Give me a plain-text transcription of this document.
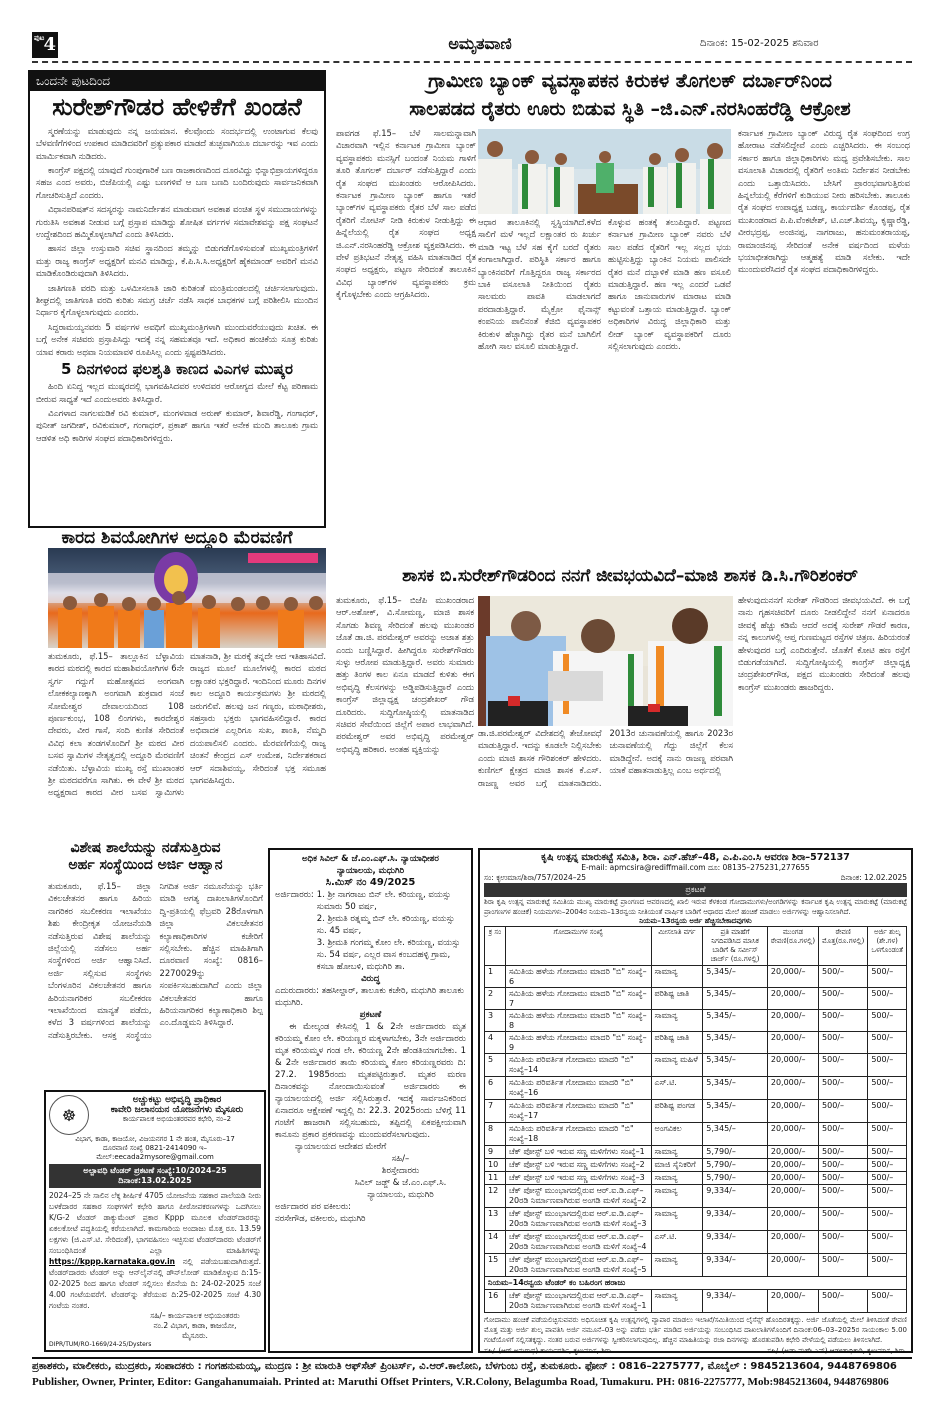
ಪುಟ 4	ಅಮೃತವಾಣಿ	ದಿನಾಂಕ: 15-02-2025 ಶನಿವಾರ
ಒಂದನೇ ಪುಟದಿಂದ
ಸುರೇಶ್‌ಗೌಡರ ಹೇಳಿಕೆಗೆ ಖಂಡನೆ

ಸ್ಮರಣೆಯನ್ನು ಮಾಡುವುದು ನನ್ನ ಜಯಮಾನ. ಕೆಲವೊಂದು ಸಂದರ್ಭದಲ್ಲಿ ಉಂಟಾಗುವ ಕೆಲವು ಬೆಳವಣಿಗೆಗಳಿಂದ ಉಪಕಾರ ಮಾಡಿದವರಿಗೆ ಪ್ರತ್ಯುಪಕಾರ ಮಾಡದೆ ತುಚ್ಛವಾಗಿಯೂ ದರ್ಬಾರನ್ನು ಇವ ಎಂದು ಮಾರ್ಮಿಕವಾಗಿ ನುಡಿದರು.

ಕಾಂಗ್ರೆಸ್ ಪಕ್ಷದಲ್ಲಿ ಯಾವುದೆ ಗುಂಪುಗಾರಿಕೆ ಬಣ ರಾಜಕಾರಣದಿಂದ ದೂರವಿದ್ದು ಭಿನ್ನಾಭಿಪ್ರಾಯಗಳಿದ್ದರೂ ಸಹಜ ಎಂದ ಅವರು, ಬಿಜೆಪಿಯಲ್ಲಿ ಎಷ್ಟು ಬಣಗಳಿವೆ ಆ ಬಣ ಬಣದಿ ಬಂದಿರುವುದು ಸಾರ್ವಜನಿಕವಾಗಿ ಗೋಚರಿಸುತ್ತಿದೆ ಎಂದರು.

ವಿಧಾನಪರಿಷತ್‌ನ ಸದಸ್ಯರನ್ನು ನಾಮನಿರ್ದೇಶನ ಮಾಡುವಾಗ ಅವಕಾಶ ವಂಚಿತ ಸ್ಥಳ ಸಮುದಾಯಗಳನ್ನು ಗುರುತಿಸಿ ಅವಕಾಶ ನೀಡುವ ಬಗ್ಗೆ ಪ್ರಸ್ತಾಪ ಮಾಡಿದ್ದು ಶೋಷಿತ ವರ್ಗಗಳ ಸಮಾವೇಶವನ್ನು ಪಕ್ಷ ಸಂಘಟನೆ ಉದ್ದೇಶದಿಂದ ಹಮ್ಮಿಕೊಳ್ಳಲಾಗಿದೆ ಎಂದು ತಿಳಿಸಿದರು.

ಹಾಸನ ಜಿಲ್ಲಾ ಉಸ್ತುವಾರಿ ಸಚಿವ ಸ್ಥಾನದಿಂದ ತಮ್ಮನ್ನು ಬಿಡುಗಡೆಗೊಳಿಸುವಂತೆ ಮುಖ್ಯಮಂತ್ರಿಗಳಿಗೆ ಮತ್ತು ರಾಜ್ಯ ಕಾಂಗ್ರೆಸ್ ಅಧ್ಯಕ್ಷರಿಗೆ ಮನವಿ ಮಾಡಿದ್ದು, ಕೆ.ಪಿ.ಸಿ.ಸಿ.ಅಧ್ಯಕ್ಷರಿಗೆ ಹೈಕಮಾಂಡ್ ಅವರಿಗೆ ಮನವಿ ಮಾಡಿಕೊಂಡಿರುವುದಾಗಿ ತಿಳಿಸಿದರು.

ಜಾತಿಗಣತಿ ವರದಿ ಮತ್ತು ಒಳಮೀಸಲಾತಿ ಜಾರಿ ಕುರಿತಂತೆ ಮಂತ್ರಿಮಂಡಲದಲ್ಲಿ ಚರ್ಚಿಸಲಾಗುವುದು. ಶೀಘ್ರದಲ್ಲಿ ಜಾತಿಗಣತಿ ವರದಿ ಕುರಿತು ಸಮಗ್ರ ಚರ್ಚೆ ನಡೆಸಿ ಸಾಧಕ ಬಾಧಕಗಳ ಬಗ್ಗೆ ಪರಿಶೀಲಿಸಿ ಮುಂದಿನ ನಿರ್ಧಾರ ಕೈಗೊಳ್ಳಲಾಗುವುದು ಎಂದರು.

ಸಿದ್ದರಾಮಯ್ಯನವರು 5 ವರ್ಷಗಳ ಅವಧಿಗೆ ಮುಖ್ಯಮಂತ್ರಿಗಳಾಗಿ ಮುಂದುವರೆಯುವುದು ಖಚಿತ. ಈ ಬಗ್ಗೆ ಅನೇಕ ಸಚಿವರು ಪ್ರಸ್ತಾಪಿಸಿದ್ದು ಇದಕ್ಕೆ ನನ್ನ ಸಹಮತವೂ ಇದೆ. ಅಧಿಕಾರ ಹಂಚಿಕೆಯ ಸೂತ್ರ ಕುರಿತು ಯಾವ ಕರಾರು ಅಥವಾ ನಿಯಮಾವಳಿ ರೂಪಿಸಿಲ್ಲ ಎಂದು ಸ್ಪಷ್ಟಪಡಿಸಿದರು.

5 ದಿನಗಳಿಂದ ಫಲಶೃತಿ ಕಾಣದ ವಿಎಗಳ ಮುಷ್ಕರ

ಹಿಂದಿ ಏನಿದ್ದ ಇಲ್ಲದ ಮುಷ್ಕರದಲ್ಲಿ ಭಾಗವಹಿಸಿದವರ ಉಳಿದವರ ಆರೋಗ್ಯದ ಮೇಲೆ ಕೆಟ್ಟ ಪರಿಣಾಮ ಬೀರುವ ಸಾಧ್ಯತೆ ಇದೆ ಎಂದುಅವರು ತಿಳಿಸಿದ್ದಾರೆ.

ವಿಎಗಳಾದ ನಾಗಲಮಡಿಕೆ ರವಿ ಕುಮಾರ್, ಮಂಗಳವಾಡ ಅರುಣ್ ಕುಮಾರ್, ಶಿವಾರೆಡ್ಡಿ, ಗಂಗಾಧರ್, ಪುನೀತ್ ಜಗದೀಶ್, ರವಿಕುಮಾರ್, ಗಂಗಾಧರ್, ಪ್ರಕಾಶ್ ಹಾಗೂ ಇತರೆ ಅನೇಕ ಮಂದಿ ತಾಲೂಕು ಗ್ರಾಮ ಆಡಳಿತ ಅಧಿ ಕಾರಿಗಳ ಸಂಘದ ಪದಾಧಿಕಾರಿಗಳಿದ್ದರು.

ಕಾರದ ಶಿವಯೋಗಿಗಳ ಅದ್ದೂರಿ ಮೆರವಣಿಗೆ
ತುಮಕೂರು, ಫೆ.15– ತಾಲ್ಲೂಕಿನ ಬೆಳ್ಳಾವಿಯ ಕಾರದ ಮಠದಲ್ಲಿ ಕಾರದ ಮಹಾಶಿವಯೋಗಿಗಳ 6ನೇ ಸ್ವರ್ಗ ಗದ್ದುಗೆ ಮಹೋತ್ಸವದ ಅಂಗವಾಗಿ ಲೋಕಕಲ್ಯಾಣಕ್ಕಾಗಿ ಅಂಗವಾಗಿ ಶುಕ್ರವಾರ ಸಂಜೆ ಸೋಮೇಶ್ವರ ದೇವಾಲಯದಿಂದ 108 ಪೂರ್ಣಕುಂಭ, 108 ಲಿಂಗಗಳು, ಕಾರದೇಶ್ವರ ದೇವರು, ವೀರ ಗಾಸೆ, ಸಂದಿ ಕುಣಿತ ಸೇರಿದಂತೆ ವಿವಿಧ ಕಲಾ ತಂಡಗಳೊಂದಿಗೆ ಶ್ರೀ ಮಠದ ವೀರ ಬಸವ ಸ್ವಾಮಿಗಳ ನೇತೃತ್ವದಲ್ಲಿ ಅದ್ದೂರಿ ಮೆರವಣಿಗೆ ನಡೆಯಿತು. ಬೆಳ್ಳಾವಿಯ ಮುಖ್ಯ ರಸ್ತೆ ಮುಖಾಂತರ ಶ್ರೀ ಮಠದವರೆಗೂ ಸಾಗಿತು. ಈ ವೇಳೆ ಶ್ರೀ ಮಠದ ಅಧ್ಯಕ್ಷರಾದ ಕಾರದ ವೀರ ಬಸವ ಸ್ವಾಮಿಗಳು ಮಾತನಾಡಿ, ಶ್ರೀ ಮಠಕ್ಕೆ ತನ್ನದೇ ಆದ ಇತಿಹಾಸವಿದೆ. ರಾಜ್ಯದ ಮೂಲೆ ಮೂಲೆಗಳಲ್ಲಿ ಕಾರದ ಮಠದ ಲಕ್ಷಾಂತರ ಭಕ್ತರಿದ್ದಾರೆ. ಇಂದಿನಿಂದ ಮೂರು ದಿನಗಳ ಕಾಲ ಅದ್ದೂರಿ ಕಾರ್ಯಕ್ರಮಗಳು ಶ್ರೀ ಮಠದಲ್ಲಿ ಜರುಗಲಿವೆ. ಹಲವು ಜನ ಗಣ್ಯರು, ಮಠಾಧೀಶರು, ಸಹಸ್ರಾರು ಭಕ್ತರು ಭಾಗವಹಿಸಲಿದ್ದಾರೆ. ಕಾರದ ಅಭಿವಾದಕ ಎಲ್ಲರಿಗೂ ಸುಖ, ಶಾಂತಿ, ನೆಮ್ಮದಿ ದಯಪಾಲಿಸಲಿ ಎಂದರು. ಮೆರವಣಿಗೆಯಲ್ಲಿ ರಾಜ್ಯ ಚಿಂತನೆ ಕೇಂದ್ರದ ಎಸ್ ಉಮೇಶ, ನಿರ್ದೇಶಕರಾದ ಆರ್ ಸದಾಶಿವಯ್ಯ, ಸೇರಿದಂತೆ ಭಕ್ತ ಸಮೂಹ ಭಾಗವಹಿಸಿದ್ದರು.
ವಿಶೇಷ ಶಾಲೆಯನ್ನು ನಡೆಸುತ್ತಿರುವ
ಅರ್ಹ ಸಂಸ್ಥೆಯಿಂದ ಅರ್ಜಿ ಆಹ್ವಾನ
ತುಮಕೂರು, ಫೆ.15– ಜಿಲ್ಲಾ ವಿಕಲಚೇತನರ ಹಾಗೂ ಹಿರಿಯ ನಾಗರಿಕರ ಸಬಲೀಕರಣ ಇಲಾಖೆಯು ಶಿಶು ಕೇಂದ್ರೀಕೃತ ಯೋಜನೆಯಡಿ ನಡೆಸುತ್ತಿರುವ ವಿಶೇಷ ಶಾಲೆಯನ್ನು ಜಿಲ್ಲೆಯಲ್ಲಿ ನಡೆಸಲು ಅರ್ಹ ಸಂಸ್ಥೆಗಳಿಂದ ಅರ್ಜಿ ಆಹ್ವಾನಿಸಿದೆ. ಅರ್ಜಿ ಸಲ್ಲಿಸುವ ಸಂಸ್ಥೆಗಳು ಬೆಂಗಳೂರಿನ ವಿಕಲಚೇತನರ ಹಾಗೂ ಹಿರಿಯನಾಗರಿಕರ ಸಬಲೀಕರಣ ಇಲಾಖೆಯಿಂದ ಮಾನ್ಯತೆ ಪಡೆದು, ಕಳೆದ 3 ವರ್ಷಗಳಿಂದ ಶಾಲೆಯನ್ನು ನಡೆಸುತ್ತಿರಬೇಕು. ಆಸಕ್ತ ಸಂಸ್ಥೆಯು ನಿಗದಿತ ಅರ್ಜಿ ನಮೂನೆಯನ್ನು ಭರ್ತಿ ಮಾಡಿ ಅಗತ್ಯ ದಾಖಲಾತಿಗಳೊಂದಿಗೆ ದ್ವಿ-ಪ್ರತಿಯಲ್ಲಿ ಫೆಬ್ರವರಿ 28ರೊಳಗಾಗಿ ಜಿಲ್ಲಾ ವಿಕಲಚೇತನರ ಕಲ್ಯಾಣಾಧಿಕಾರಿಗಳ ಕಚೇರಿಗೆ ಸಲ್ಲಿಸಬೇಕು. ಹೆಚ್ಚಿನ ಮಾಹಿತಿಗಾಗಿ ದೂರವಾಣಿ ಸಂಖ್ಯೆ: 0816–2270029ನ್ನು ಸಂಪರ್ಕಿಸಬಹುದಾಗಿದೆ ಎಂದು ಜಿಲ್ಲಾ ವಿಕಲಚೇತನರ ಹಾಗೂ ಹಿರಿಯನಾಗರಿಕರ ಕಲ್ಯಾಣಾಧಿಕಾರಿ ಶಿಲ್ಪ ಎಂ.ದೊಡ್ಡಮನಿ ತಿಳಿಸಿದ್ದಾರೆ.
☸
ಅಚ್ಚುಕಟ್ಟು ಅಭಿವೃದ್ಧಿ ಪ್ರಾಧಿಕಾರ
ಕಾವೇರಿ ಜಲಾನಯನ ಯೋಜನೆಗಳು ಮೈಸೂರು
ಕಾರ್ಯಪಾಲಕ ಅಭಿಯಂತರರವರ ಕಛೇರಿ, ನಂ–2
ವಿಭಾಗ, ಕಾಡಾ, ಕಾಜಯೋ, ವಿಜಯನಗರ 1 ನೇ ಹಂತ, ಮೈಸೂರು–17
ದೂರವಾಣಿ ಸಂಖ್ಯೆ 0821-2414090 ಇ–ಮೇಲ್:eecada2mysore@gmail.com
ಅಲ್ಪಾವಧಿ ಟೆಂಡರ್ ಪ್ರಕಟಣೆ ಸಂಖ್ಯೆ:10/2024–25 ದಿನಾಂಕ:13.02.2025
2024–25 ನೇ ಸಾಲಿನ ಲೆಕ್ಕ ಶೀರ್ಷಿಕೆ 4705 ಯೋಜನೆಯ ಸಹಕಾರ ಪಾಲೆಯಡಿ ನೀರು ಬಳಕೆದಾರರ ಸಹಕಾರ ಸಂಘಗಳಿಗೆ ಕಛೇರಿ ಹಾಗೂ ಪೀಠೋಪಕರಣಗಳನ್ನು ಒದಗಿಸಲು K/G-2 ಟೆಂಡರ್ ಡಾಕ್ಯುಮೆಂಟ್ ಪ್ರಕಾರ Kppp ಮೂಲಕ ಟೆಂಡರ್‌ದಾರರನ್ನು ಏಕಲಕೋಟೆ ಪದ್ಧತಿಯಲ್ಲಿ ಕರೆಯಲಾಗಿದೆ. ಕಾಮಗಾರಿಯ ಅಂದಾಜು ಮೊತ್ತ ರೂ. 13.59 ಲಕ್ಷಗಳು (ಜಿ.ಎಸ್.ಟಿ. ಸೇರಿದಂತೆ), ಭಾಗವಹಿಸಲು ಇಚ್ಛಿಸುವ ಟೆಂಡರ್‌ದಾರರು ಟೆಂಡರ್‌ಗೆ ಸಂಬಂಧಿಸಿದಂತೆ ಎಲ್ಲಾ ಮಾಹಿತಿಗಳನ್ನು https://kppp.karnataka.gov.in ನಲ್ಲಿ ಪಡೆಯಬಹುದಾಗಿರುತ್ತದೆ. ಟೆಂಡರ್‌ದಾರರು ಟೆಂಡರ್ ಅನ್ನು ಆನ್‌ಲೈನ್‌ನಲ್ಲಿ ಡೌನ್‌ಲೋಡ್ ಮಾಡಿಕೊಳ್ಳುವ ದಿ:15-02-2025 ರಿಂದ ಹಾಗೂ ಟೆಂಡರ್ ಸಲ್ಲಿಸಲು ಕೊನೆಯ ದಿ: 24-02-2025 ಸಂಜೆ 4.00 ಗಂಟೆಯವರೆಗೆ. ಟೆಂಡರ್‌ನ್ನು ತೆರೆಯುವ ದಿ:25-02-2025 ಸಂಜೆ 4.30 ಗಂಟೆಯ ನಂತರ.
ಸಹಿ/– ಕಾರ್ಯಪಾಲಕ ಅಭಿಯಂತರರು
ನಂ.2 ವಿಭಾಗ, ಕಾಡಾ, ಕಾಜಯೋ,
ಮೈಸೂರು.
DIPR/TUM/RO-1669/24-25/Dysters
ಅಧಿಕ ಸಿವಿಲ್ & ಜೆ.ಎಂ.ಎಫ್.ಸಿ. ನ್ಯಾಯಾಧೀಶರ
ನ್ಯಾಯಾಲಯ, ಮಧುಗಿರಿ
ಸಿ.ಮಿಸ್ ನಂ 49/2025
ಅರ್ಜಿದಾರರು: 1. ಶ್ರೀ ನಾಗರಾಜು ಬಿನ್ ಲೇ. ಕರಿಯಣ್ಣ, ವಯಸ್ಸು ಸುಮಾರು 50 ವರ್ಷ,
2. ಶ್ರೀಮತಿ ರತ್ನಮ್ಮ ಬಿನ್ ಲೇ. ಕರಿಯಣ್ಣ, ವಯಸ್ಸು ಸು. 45 ವರ್ಷ,
3. ಶ್ರೀಮತಿ ಗಂಗಮ್ಮ ಕೋಂ ಲೇ. ಕರಿಯಣ್ಣ, ವಯಸ್ಸು ಸು. 54 ವರ್ಷ, ಎಲ್ಲರ ವಾಸ ಕಂಬದಹಳ್ಳಿ ಗ್ರಾಮ, ಕಸಬಾ ಹೋಬಳಿ, ಮಧುಗಿರಿ ತಾ.
ವಿರುದ್ಧ
ಎದುರುದಾರರು: ತಹಸೀಲ್ದಾರ್, ತಾಲೂಕು ಕಚೇರಿ, ಮಧುಗಿರಿ ತಾಲೂಕು ಮಧುಗಿರಿ.
ಪ್ರಕಟಣೆ
ಈ ಮೇಲ್ಕಂಡ ಕೇಸಿನಲ್ಲಿ 1 & 2ನೇ ಅರ್ಜಿದಾರರು ಮೃತ ಕರಿಯಮ್ಮ ಕೋಂ ಲೇ. ಕರಿಯಣ್ಣರ ಮಕ್ಕಳಾಗಬೇಕು, 3ನೇ ಅರ್ಜಿದಾರರು ಮೃತ ಕರಿಯಮ್ಮಳ ಗಂಡ ಲೇ. ಕರಿಯಣ್ಣ 2ನೇ ಹೆಂಡತಿಯಾಗಬೇಕು. 1 & 2ನೇ ಅರ್ಜಿದಾರರ ತಾಯಿ ಕರಿಯಮ್ಮ ಕೋಂ ಕರಿಯಣ್ಣರವರು ದಿ: 27.2. 1985ರಂದು ಮೃತಪಟ್ಟಿರುತ್ತಾರೆ. ಮೃತರ ಮರಣ ದಿನಾಂಕವನ್ನು ನೋಂದಾಯಿಸುವಂತೆ ಅರ್ಜಿದಾರರು ಈ ನ್ಯಾಯಾಲಯದಲ್ಲಿ ಅರ್ಜಿ ಸಲ್ಲಿಸಿರುತ್ತಾರೆ. ಇದಕ್ಕೆ ಸಾರ್ವಜನಿಕರಿಂದ ಏನಾದರೂ ಆಕ್ಷೇಪಣೆ ಇದ್ದಲ್ಲಿ ದಿ: 22.3. 2025ರಂದು ಬೆಳಿಗ್ಗೆ 11 ಗಂಟೆಗೆ ಹಾಜರಾಗಿ ಸಲ್ಲಿಸಬಹುದು, ತಪ್ಪಿದಲ್ಲಿ ಏಕಪಕ್ಷೀಯವಾಗಿ ಕಾನೂನು ಪ್ರಕಾರ ಪ್ರಕರಣವನ್ನು ಮುಂದುವರೆಸಲಾಗುವುದು.
ನ್ಯಾಯಾಲಯದ ಆದೇಶದ ಮೇರೆಗೆ
ಸಹಿ/–
ಶಿರಸ್ತೇದಾರರು
ಸಿವಿಲ್ ಜಡ್ಜ್ & ಜೆ.ಎಂ.ಎಫ್.ಸಿ.
ನ್ಯಾಯಾಲಯ, ಮಧುಗಿರಿ
ಅರ್ಜಿದಾರರ ಪರ ವಕೀಲರು:
ನರಸೇಗೌಡ, ವಕೀಲರು, ಮಧುಗಿರಿ
ಗ್ರಾಮೀಣ ಬ್ಯಾಂಕ್ ವ್ಯವಸ್ಥಾಪಕನ ಕಿರುಕಳ ತೊಗಲಕ್ ದರ್ಬಾರ್‌ನಿಂದ
ಸಾಲಪಡದ ರೈತರು ಊರು ಬಿಡುವ ಸ್ಥಿತಿ –ಜಿ.ಎನ್.ನರಸಿಂಹರೆಡ್ಡಿ ಆಕ್ರೋಶ
ಪಾವಗಡ ಫೆ.15– ಬೆಳೆ ಸಾಲಮನ್ನಾವಾಗಿ ವಿಚಾರವಾಗಿ ಇಲ್ಲಿನ ಕರ್ನಾಟಕ ಗ್ರಾಮೀಣ ಬ್ಯಾಂಕ್ ವ್ಯವಸ್ಥಾಪಕರು ಮನಸ್ಸಿಗೆ ಬಂದಂತೆ ನಿಯಮ ಗಾಳಿಗೆ ತೂರಿ ತೊಗಲಕ್ ದರ್ಬಾರ್ ನಡೆಸುತ್ತಿದ್ದಾರೆ ಎಂದು ರೈತ ಸಂಘದ ಮುಖಂಡರು ಆರೋಪಿಸಿದರು. ಕರ್ನಾಟಕ ಗ್ರಾಮೀಣ ಬ್ಯಾಂಕ್ ಹಾಗೂ ಇತರೆ ಬ್ಯಾಂಕ್‌ಗಳ ವ್ಯವಸ್ಥಾಪಕರು ರೈತರ ಬೆಳೆ ಸಾಲ ಪಡೆದ ರೈತರಿಗೆ ನೋಟಿಸ್ ನೀಡಿ ಕಿರುಕುಳ ನೀಡುತ್ತಿದ್ದು ಈ ಹಿನ್ನೆಲೆಯಲ್ಲಿ ರೈತ ಸಂಘದ ಅಧ್ಯಕ್ಷ ಜಿ.ಎನ್.ನರಸಿಂಹರೆಡ್ಡಿ ಆಕ್ರೋಶ ವ್ಯಕ್ತಪಡಿಸಿದರು. ಈ ವೇಳೆ ಪ್ರತಿಭಟನೆ ನೇತೃತ್ವ ವಹಿಸಿ ಮಾತನಾಡಿದ ರೈತ ಸಂಘದ ಅಧ್ಯಕ್ಷರು, ಪಟ್ಟಣ ಸೇರಿದಂತೆ ತಾಲೂಕಿನ ವಿವಿಧ ಬ್ಯಾಂಕ್‌ಗಳ ವ್ಯವಸ್ಥಾಪಕರು ಕ್ರಮ ಕೈಗೊಳ್ಳಬೇಕು ಎಂದು ಆಗ್ರಹಿಸಿದರು.
ಆಧಾರ ತಾಲೂಕಿನಲ್ಲಿ ಸ್ವಸ್ಥಿಯಾಗಿದೆ.ಕಳೆದ ಸಾಲಿಗೆ ಮಳೆ ಇಲ್ಲದೆ ಲಕ್ಷಾಂತರ ರು ಖರ್ಚು ಮಾಡಿ ಇಟ್ಟ ಬೆಳೆ ಸಹ ಕೈಗೆ ಬರದೆ ರೈತರು ಕಂಗಾಲಾಗಿದ್ದಾರೆ. ಪರಿಸ್ಥಿತಿ ಸರ್ಕಾರ ಹಾಗೂ ಬ್ಯಾಂಕಿನವರಿಗೆ ಗೊತ್ತಿದ್ದರೂ ರಾಜ್ಯ ಸರ್ಕಾರದ ಬಾಕಿ ವಸೂಲಾತಿ ನೀತಿಯಿಂದ ರೈತರು ಸಾಲಮರು ಪಾವತಿ ಮಾಡಲಾಗದೆ ಪರದಾಡುತ್ತಿದ್ದಾರೆ. ಮೈಕ್ರೋ ಫೈನಾನ್ಸ್ ಕಂಪನಿಯ ಪಾಲಿನಂತೆ ಕೆಜಿಬಿ ವ್ಯವಸ್ಥಾಪಕರ ಕಿರುಕುಳ ಹೆಚ್ಚಾಗಿದ್ದು ರೈತರ ಮನೆ ಬಾಗಿಲಿಗೆ ಹೋಗಿ ಸಾಲ ವಸೂಲಿ ಮಾಡುತ್ತಿದ್ದಾರೆ.
ಕೊಳ್ಳುವ ಹಂತಕ್ಕೆ ತಲುಪಿದ್ದಾರೆ. ಪಟ್ಟಣದ ಕರ್ನಾಟಕ ಗ್ರಾಮೀಣ ಬ್ಯಾಂಕ್ ನವರು ಬೆಳೆ ಸಾಲ ಪಡೆದ ರೈತರಿಗೆ ಇಲ್ಲ ಸಲ್ಲದ ಭಯ ಹುಟ್ಟಿಸುತ್ತಿದ್ದು ಬ್ಯಾಂಕಿನ ನಿಯಮ ಪಾಲಿಸದೇ ರೈತರ ಮನೆ ದಬ್ಬಾಳಿಕೆ ಮಾಡಿ ಹಣ ವಸೂಲಿ ಮಾಡುತ್ತಿದ್ದಾರೆ. ಹಣ ಇಲ್ಲ ಎಂದರೆ ಒಡವೆ ಹಾಗೂ ಜಾನುವಾರುಗಳ ಮಾರಾಟ ಮಾಡಿ ಕಟ್ಟುವಂತೆ ಒತ್ತಾಯ ಮಾಡುತ್ತಿದ್ದಾರೆ. ಬ್ಯಾಂಕ್ ಅಧಿಕಾರಿಗಳ ವಿರುದ್ಧ ಜಿಲ್ಲಾಧಿಕಾರಿ ಮತ್ತು ಲೀಡ್ ಬ್ಯಾಂಕ್ ವ್ಯವಸ್ಥಾಪಕರಿಗೆ ದೂರು ಸಲ್ಲಿಸಲಾಗುವುದು ಎಂದರು.
ಕರ್ನಾಟಕ ಗ್ರಾಮೀಣ ಬ್ಯಾಂಕ್ ವಿರುದ್ಧ ರೈತ ಸಂಘದಿಂದ ಉಗ್ರ ಹೋರಾಟ ನಡೆಸಲಿದ್ದೇವೆ ಎಂದು ಎಚ್ಚರಿಸಿದರು. ಈ ಸಂಬಂಧ ಸರ್ಕಾರ ಹಾಗೂ ಜಿಲ್ಲಾಧಿಕಾರಿಗಳು ಮಧ್ಯ ಪ್ರವೇಶಿಸಬೇಕು. ಸಾಲ ವಸೂಲಾತಿ ವಿಚಾರದಲ್ಲಿ ರೈತರಿಗೆ ಅಂತಿಮ ನಿರ್ದೇಶನ ನೀಡಬೇಕು ಎಂದು ಒತ್ತಾಯಿಸಿದರು. ಬೇಸಿಗೆ ಪ್ರಾರಂಭವಾಗುತ್ತಿರುವ ಹಿನ್ನಲೆಯಲ್ಲಿ ಕೆರೆಗಳಿಗೆ ಕುಡಿಯುವ ನೀರು ಹರಿಸಬೇಕು. ತಾಲೂಕು ರೈತ ಸಂಘದ ಉಪಾಧ್ಯಕ್ಷ ಬಡಣ್ಣ, ಕಾರ್ಯದರ್ಶಿ ಕೊಂಡಪ್ಪ, ರೈತ ಮುಖಂಡರಾದ ಪಿ.ಪಿ.ವೆಂಕಟೇಶ್, ಟಿ.ಎಚ್.ಶಿವಯ್ಯ, ಕೃಷ್ಣಾರೆಡ್ಡಿ, ವೀರಭದ್ರಪ್ಪ, ಅಂಜಿನಪ್ಪ, ನಾಗರಾಜು, ಹನುಮಂತರಾಯಪ್ಪ, ರಾಮಾಂಜಿನಪ್ಪ ಸೇರಿದಂತೆ ಅನೇಕ ವರ್ಷದಿಂದ ಮಳೆಯ ಭಯಾಭೀತರಾಗಿದ್ದು ಆತ್ಮಹತ್ಯೆ ಮಾಡಿ ಸಲೇಕು. ಇದೇ ಮುಂದುವರೆಸಿದರೆ ರೈತ ಸಂಘದ ಪದಾಧಿಕಾರಿಗಳಿದ್ದರು.
ಶಾಸಕ ಬಿ.ಸುರೇಶ್‌ಗೌಡರಿಂದ ನನಗೆ ಜೀವಭಯವಿದೆ–ಮಾಜಿ ಶಾಸಕ ಡಿ.ಸಿ.ಗೌರಿಶಂಕರ್
ತುಮಕೂರು, ಫೆ.15– ಬಿಜೆಪಿ ಮುಖಂಡರಾದ ಆರ್.ಅಶೋಕ್, ವಿ.ಸೋಮಣ್ಣ, ಮಾಜಿ ಶಾಸಕ ಸೊಗಡು ಶಿವಣ್ಣ ಸೇರಿದಂತೆ ಹಲವು ಮುಖಂಡರ ಜೊತೆ ಡಾ.ಜಿ. ಪರಮೇಶ್ವರ್ ಅವರನ್ನು ಅಜಾತ ಶತ್ರು ಎಂದು ಬಣ್ಣಿಸಿದ್ದಾರೆ. ಹೀಗಿದ್ದರೂ ಸುರೇಶ್‌ಗೌಡರು ಸುಳ್ಳು ಆರೋಪ ಮಾಡುತ್ತಿದ್ದಾರೆ. ಅವರು ಸುಮಾರು ಹತ್ತು ತಿಂಗಳ ಕಾಲ ಏನೂ ಮಾಡದೆ ಕುಳಿತು ಈಗ ಅಭಿವೃದ್ಧಿ ಕೆಲಸಗಳನ್ನು ಅಡ್ಡಿಪಡಿಸುತ್ತಿದ್ದಾರೆ ಎಂದು ಕಾಂಗ್ರೆಸ್ ಜಿಲ್ಲಾಧ್ಯಕ್ಷ ಚಂದ್ರಶೇಖರ್ ಗೌಡ ದೂರಿದರು. ಸುದ್ದಿಗೋಷ್ಠಿಯಲ್ಲಿ ಮಾತನಾಡಿದ ಸಚಿವರ ಸೇವೆಯಿಂದ ಜಿಲ್ಲೆಗೆ ಅಪಾರ ಲಾಭವಾಗಿದೆ. ಪರಮೇಶ್ವರ್ ಅವರ ಅಭಿವೃದ್ಧಿ ಪರಮೇಶ್ವರ್ ಅಭಿವೃದ್ಧಿ ಹರಿಕಾರ. ಅಂತಹ ವ್ಯಕ್ತಿಯನ್ನು
ಡಾ.ಜಿ.ಪರಮೇಶ್ವರ್ ವಿದೇಶದಲ್ಲಿ ತೇಜೋವಧೆ ಮಾಡುತ್ತಿದ್ದಾರೆ. ಇದನ್ನು ಕೂಡಲೇ ನಿಲ್ಲಿಸಬೇಕು ಎಂದು ಮಾಜಿ ಶಾಸಕ ಗೌರಿಶಂಕರ್ ಹೇಳಿದರು. ಕುಣಿಗಲ್ ಕ್ಷೇತ್ರದ ಮಾಜಿ ಶಾಸಕ ಕೆ.ಎಸ್. ರಾಜಣ್ಣ ಅವರ ಬಗ್ಗೆ ಮಾತನಾಡಿದರು. 2013ರ ಚುನಾವಣೆಯಲ್ಲಿ ಹಾಗೂ 2023ರ ಚುನಾವಣೆಯಲ್ಲಿ ಗೆದ್ದು ಜಿಲ್ಲೆಗೆ ಕೆಲಸ ಮಾಡಿದ್ದೇನೆ. ಅದಕ್ಕೆ ನಾನು ರಾಜಣ್ಣ ಪರವಾಗಿ ಯಾಕೆ ವಹಾತನಾಡುತ್ತಿಲ್ಲ ಎಂಬ ಅರ್ಥದಲ್ಲಿ
ಹೇಳುವುದುನನಗೆ ಸುರೇಶ್ ಗೌಡರಿಂದ ಜೀವಭಯವಿದೆ. ಈ ಬಗ್ಗೆ ನಾನು ಗೃಹಸಚಿವರಿಗೆ ದೂರು ನೀಡಲಿದ್ದೇನೆ ನನಗೆ ಏನಾದರೂ ಜೀವಕ್ಕೆ ಹೆಚ್ಚು ಕಡಿಮೆ ಆದರೆ ಅದಕ್ಕೆ ಸುರೇಶ್ ಗೌಡರೆ ಕಾರಣ, ನನ್ನ ಕಾಲುಗಳಲ್ಲಿ ಆಪ್ತ ಗುಣಮಟ್ಟದ ರಸ್ತೆಗಳ ಚಿತ್ರಣ. ಹಿರಿಯರಂತೆ ಹೇಳುವುದರ ಬಗ್ಗೆ ಎಂದಿರುತ್ತೇನೆ. ಜೊತೆಗೆ ಕೋಟಿ ಹಣ ರಸ್ತೆಗೆ ಬಿಡುಗಡೆಯಾಗಿದೆ. ಸುದ್ದಿಗೋಷ್ಠಿಯಲ್ಲಿ ಕಾಂಗ್ರೆಸ್ ಜಿಲ್ಲಾಧ್ಯಕ್ಷ ಚಂದ್ರಶೇಖರ್‌ಗೌಡ, ಪಕ್ಷದ ಮುಖಂಡರು ಸೇರಿದಂತೆ ಹಲವು ಕಾಂಗ್ರೆಸ್ ಮುಖಂಡರು ಹಾಜರಿದ್ದರು.
ಕೃಷಿ ಉತ್ಪನ್ನ ಮಾರುಕಟ್ಟೆ ಸಮಿತಿ, ಶಿರಾ. ಎನ್.ಹೆಚ್–48, ಎ.ಪಿ.ಎಂ.ಸಿ ಆವರಣ ಶಿರಾ–572137
E-mail: apmcsira@rediffmail.com ದೂ: 08135–275231,277655
ಸಂ: ಕೃಉಮಾಸ/ಶಿರಾ/757/2024–25	ದಿನಾಂಕ: 12.02.2025
ಪ್ರಕಟಣೆ
ಶಿರಾ ಕೃಷಿ ಉತ್ಪನ್ನ ಮಾರುಕಟ್ಟೆ ಸಮಿತಿಯ ಮುಖ್ಯ ಮಾರುಕಟ್ಟೆ ಪ್ರಾಂಗಣದ ಆವರಣದಲ್ಲಿ ಖಾಲಿ ಇರುವ ಕೆಳಕಂಡ ಗೋದಾಮುಗಳು/ಅಂಗಡಿಗಳನ್ನು ಕರ್ನಾಟಕ ಕೃಷಿ ಉತ್ಪನ್ನ ಮಾರುಕಟ್ಟೆ (ಮಾರುಕಟ್ಟೆ ಪ್ರಾಂಗಣಗಳ ಹಂಚಿಕೆ) ನಿಯಮಗಳು–2004ರ ನಿಯಮ–13ರನ್ವಯ ನೀತಿಯಂತೆ ವಾರ್ಷಿಕ ಬಾಡಿಗೆ ಆಧಾರದ ಮೇಲೆ ಹಂಚಿಕೆ ಮಾಡಲು ಅರ್ಜಿಗಳನ್ನು ಆಹ್ವಾನಿಸಲಾಗಿದೆ.
ನಿಯಮ–13ರನ್ವಯ ಅರ್ಜಿ ಹೆಚ್ಚಿಸಬೇಕಾದವುಗಳು
ಕ್ರ ಸಂ	ಗೋದಾಮುಗಳ ಸಂಖ್ಯೆ	ಮೀಸಲಾತಿ ವರ್ಗ	ಪ್ರತಿ ಮಾಹೆಗೆ ನಿಗದಿಪಡಿಸಿದ ಮಾಸಿಕ ಬಾಡಿಗೆ & ಸರ್ವೀಸ್ ಚಾರ್ಜ್ (ರೂ.ಗಳಲ್ಲಿ)	ಮುಂಗಡ ಠೇವಣಿ(ರೂ.ಗಳಲ್ಲಿ)	ಠೇವಣಿ ಮೊತ್ತ(ರೂ.ಗಳಲ್ಲಿ)	ಅರ್ಜಿ ಶುಲ್ಕ (ಶೇ.ಗಳ) ಒಳಗೊಂಡಂತೆ
1	ಸಮಿತಿಯ ಹಳೆಯ ಗೋದಾಮು ಮಾದರಿ "ಬಿ" ಸಂಖ್ಯೆ–6	ಸಾಮಾನ್ಯ	5,345/–	20,000/–	500/–	500/–
2	ಸಮಿತಿಯ ಹಳೆಯ ಗೋದಾಮು ಮಾದರಿ "ಬಿ" ಸಂಖ್ಯೆ–7	ಪರಿಶಿಷ್ಟ ಜಾತಿ	5,345/–	20,000/–	500/–	500/–
3	ಸಮಿತಿಯ ಹಳೆಯ ಗೋದಾಮು ಮಾದರಿ "ಬಿ" ಸಂಖ್ಯೆ–8	ಸಾಮಾನ್ಯ	5,345/–	20,000/–	500/–	500/–
4	ಸಮಿತಿಯ ಹಳೆಯ ಗೋದಾಮು ಮಾದರಿ "ಬಿ" ಸಂಖ್ಯೆ–9	ಪರಿಶಿಷ್ಟ ಜಾತಿ	5,345/–	20,000/–	500/–	500/–
5	ಸಮಿತಿಯ ಪರಿವರ್ತಿತ ಗೋದಾಮು ಮಾದರಿ "ಬಿ" ಸಂಖ್ಯೆ–14	ಸಾಮಾನ್ಯ ಮಹಿಳೆ	5,345/–	20,000/–	500/–	500/–
6	ಸಮಿತಿಯ ಪರಿವರ್ತಿತ ಗೋದಾಮು ಮಾದರಿ "ಬಿ" ಸಂಖ್ಯೆ–16	ಎಸ್.ಟಿ.	5,345/–	20,000/–	500/–	500/–
7	ಸಮಿತಿಯ ಪರಿವರ್ತಿತ ಗೋದಾಮು ಮಾದರಿ "ಬಿ" ಸಂಖ್ಯೆ–17	ಪರಿಶಿಷ್ಟ ಪಂಗಡ	5,345/–	20,000/–	500/–	500/–
8	ಸಮಿತಿಯ ಪರಿವರ್ತಿತ ಗೋದಾಮು ಮಾದರಿ "ಬಿ" ಸಂಖ್ಯೆ–18	ಅಂಗವಿಕಲ	5,345/–	20,000/–	500/–	500/–
9	ಚೆಕ್ ಪೋಸ್ಟ್ ಬಳಿ ಇರುವ ಸಣ್ಣ ಮಳಿಗೆಗಳು ಸಂಖ್ಯೆ–1	ಸಾಮಾನ್ಯ	5,790/–	20,000/–	500/–	500/–
10	ಚೆಕ್ ಪೋಸ್ಟ್ ಬಳಿ ಇರುವ ಸಣ್ಣ ಮಳಿಗೆಗಳು ಸಂಖ್ಯೆ–2	ಮಾಜಿ ಸೈನಿಕರಿಗೆ	5,790/–	20,000/–	500/–	500/–
11	ಚೆಕ್ ಪೋಸ್ಟ್ ಬಳಿ ಇರುವ ಸಣ್ಣ ಮಳಿಗೆಗಳು ಸಂಖ್ಯೆ–3	ಸಾಮಾನ್ಯ	5,790/–	20,000/–	500/–	500/–
12	ಚೆಕ್ ಪೋಸ್ಟ್ ಮುಂಭಾಗದಲ್ಲಿರುವ ಆರ್.ಐ.ಡಿ.ಎಫ್–20ರಡಿ ನಿರ್ಮಾಣವಾಗಿರುವ ಅಂಗಡಿ ಮಳಿಗೆ ಸಂಖ್ಯೆ–2	ಸಾಮಾನ್ಯ	9,334/–	20,000/–	500/–	500/–
13	ಚೆಕ್ ಪೋಸ್ಟ್ ಮುಂಭಾಗದಲ್ಲಿರುವ ಆರ್.ಐ.ಡಿ.ಎಫ್–20ರಡಿ ನಿರ್ಮಾಣವಾಗಿರುವ ಅಂಗಡಿ ಮಳಿಗೆ ಸಂಖ್ಯೆ–3	ಸಾಮಾನ್ಯ	9,334/–	20,000/–	500/–	500/–
14	ಚೆಕ್ ಪೋಸ್ಟ್ ಮುಂಭಾಗದಲ್ಲಿರುವ ಆರ್.ಐ.ಡಿ.ಎಫ್–20ರಡಿ ನಿರ್ಮಾಣವಾಗಿರುವ ಅಂಗಡಿ ಮಳಿಗೆ ಸಂಖ್ಯೆ–4	ಎಸ್.ಟಿ.	9,334/–	20,000/–	500/–	500/–
15	ಚೆಕ್ ಪೋಸ್ಟ್ ಮುಂಭಾಗದಲ್ಲಿರುವ ಆರ್.ಐ.ಡಿ.ಎಫ್–20ರಡಿ ನಿರ್ಮಾಣವಾಗಿರುವ ಅಂಗಡಿ ಮಳಿಗೆ ಸಂಖ್ಯೆ–5	ಸಾಮಾನ್ಯ	9,334/–	20,000/–	500/–	500/–
ನಿಯಮ–14ರನ್ವಯ ಟೆಂಡರ್ ಕಂ ಬಹಿರಂಗ ಹರಾಜು						
16	ಚೆಕ್ ಪೋಸ್ಟ್ ಮುಂಭಾಗದಲ್ಲಿರುವ ಆರ್.ಐ.ಡಿ.ಎಫ್–20ರಡಿ ನಿರ್ಮಾಣವಾಗಿರುವ ಅಂಗಡಿ ಮಳಿಗೆ ಸಂಖ್ಯೆ–1	ಸಾಮಾನ್ಯ	9,334/–	20,000/–	500/–	500/–
ಗೋದಾಮು ಹಂಚಿಕೆ ಪಡೆಯಲಿಚ್ಛಿಸುವವರು ಅಧಿಸೂಚಿತ ಕೃಷಿ ಉತ್ಪನ್ನಗಳಲ್ಲಿ ವ್ಯಾಪಾರ ಮಾಡಲು ಇಲಾಖೆ/ಸಮಿತಿಯಿಂದ ಲೈಸೆನ್ಸ್ ಹೊಂದಿರತಕ್ಕದ್ದು. ಅರ್ಜಿ ಜೊತೆಯಲ್ಲಿ ಮೇಲೆ ತಿಳಿಸಿದಂತೆ ಠೇವಣಿ ಮೊತ್ತ ಮತ್ತು ಅರ್ಜಿ ಶುಲ್ಕ ಪಾವತಿಸಿ ಅರ್ಜಿ ನಮೂನೆ–03 ಅನ್ನು ಪಡೆದು ಭರ್ತಿ ಮಾಡಿದ ಅರ್ಜಿಯನ್ನು ಸಂಬಂಧಿಸಿದ ದಾಖಲಾತಿಗಳೊಂದಿಗೆ ದಿನಾಂಕ:06–03–2025ರ ಸಾಯಂಕಾಲ 5.00 ಗಂಟೆಯೊಳಗೆ ಸಲ್ಲಿಸತಕ್ಕದ್ದು. ನಂತರ ಬರುವ ಅರ್ಜಿಗಳನ್ನು ಸ್ವೀಕರಿಸಲಾಗುವುದಿಲ್ಲ. ಹೆಚ್ಚಿನ ಮಾಹಿತಿಯನ್ನು ರಜಾ ದಿನಗಳನ್ನು ಹೊರತುಪಡಿಸಿ ಕಛೇರಿ ವೇಳೆಯಲ್ಲಿ ಪಡೆಯಲು ತಿಳಿಸಲಾಗಿದೆ.
ಸಹಿ/–(ಆರ್.ಅನುರಾಧ) ಕಾರ್ಯದರ್ಶಿ, ಕೃಉಮಾಸ, ಶಿರಾ.	ಸಹಿ/–(ಅಡಾ.ಮಹೇ.ಎನ್) ಆಡಳಿತಾಧಿಕಾರಿ, ಕೃಉಮಾಸ, ಶಿರಾ.
ಪ್ರಕಾಶಕರು, ಮಾಲೀಕರು, ಮುದ್ರಕರು, ಸಂಪಾದಕರು : ಗಂಗಹನುಮಯ್ಯ, ಮುದ್ರಣ : ಶ್ರೀ ಮಾರುತಿ ಆಫ್‌ಸೆಟ್ ಪ್ರಿಂಟರ್ಸ್, ವಿ.ಆರ್.ಕಾಲೋನಿ, ಬೆಳಗುಂಬ ರಸ್ತೆ, ತುಮಕೂರು. ಫೋನ್ : 0816–2275777, ಮೊಬೈಲ್ : 9845213604, 9448769806
Publisher, Owner, Printer, Editor: Gangahanumaiah. Printed at: Maruthi Offset Printers, V.R.Colony, Belagumba Road, Tumakuru. PH: 0816-2275777, Mob:9845213604, 9448769806
